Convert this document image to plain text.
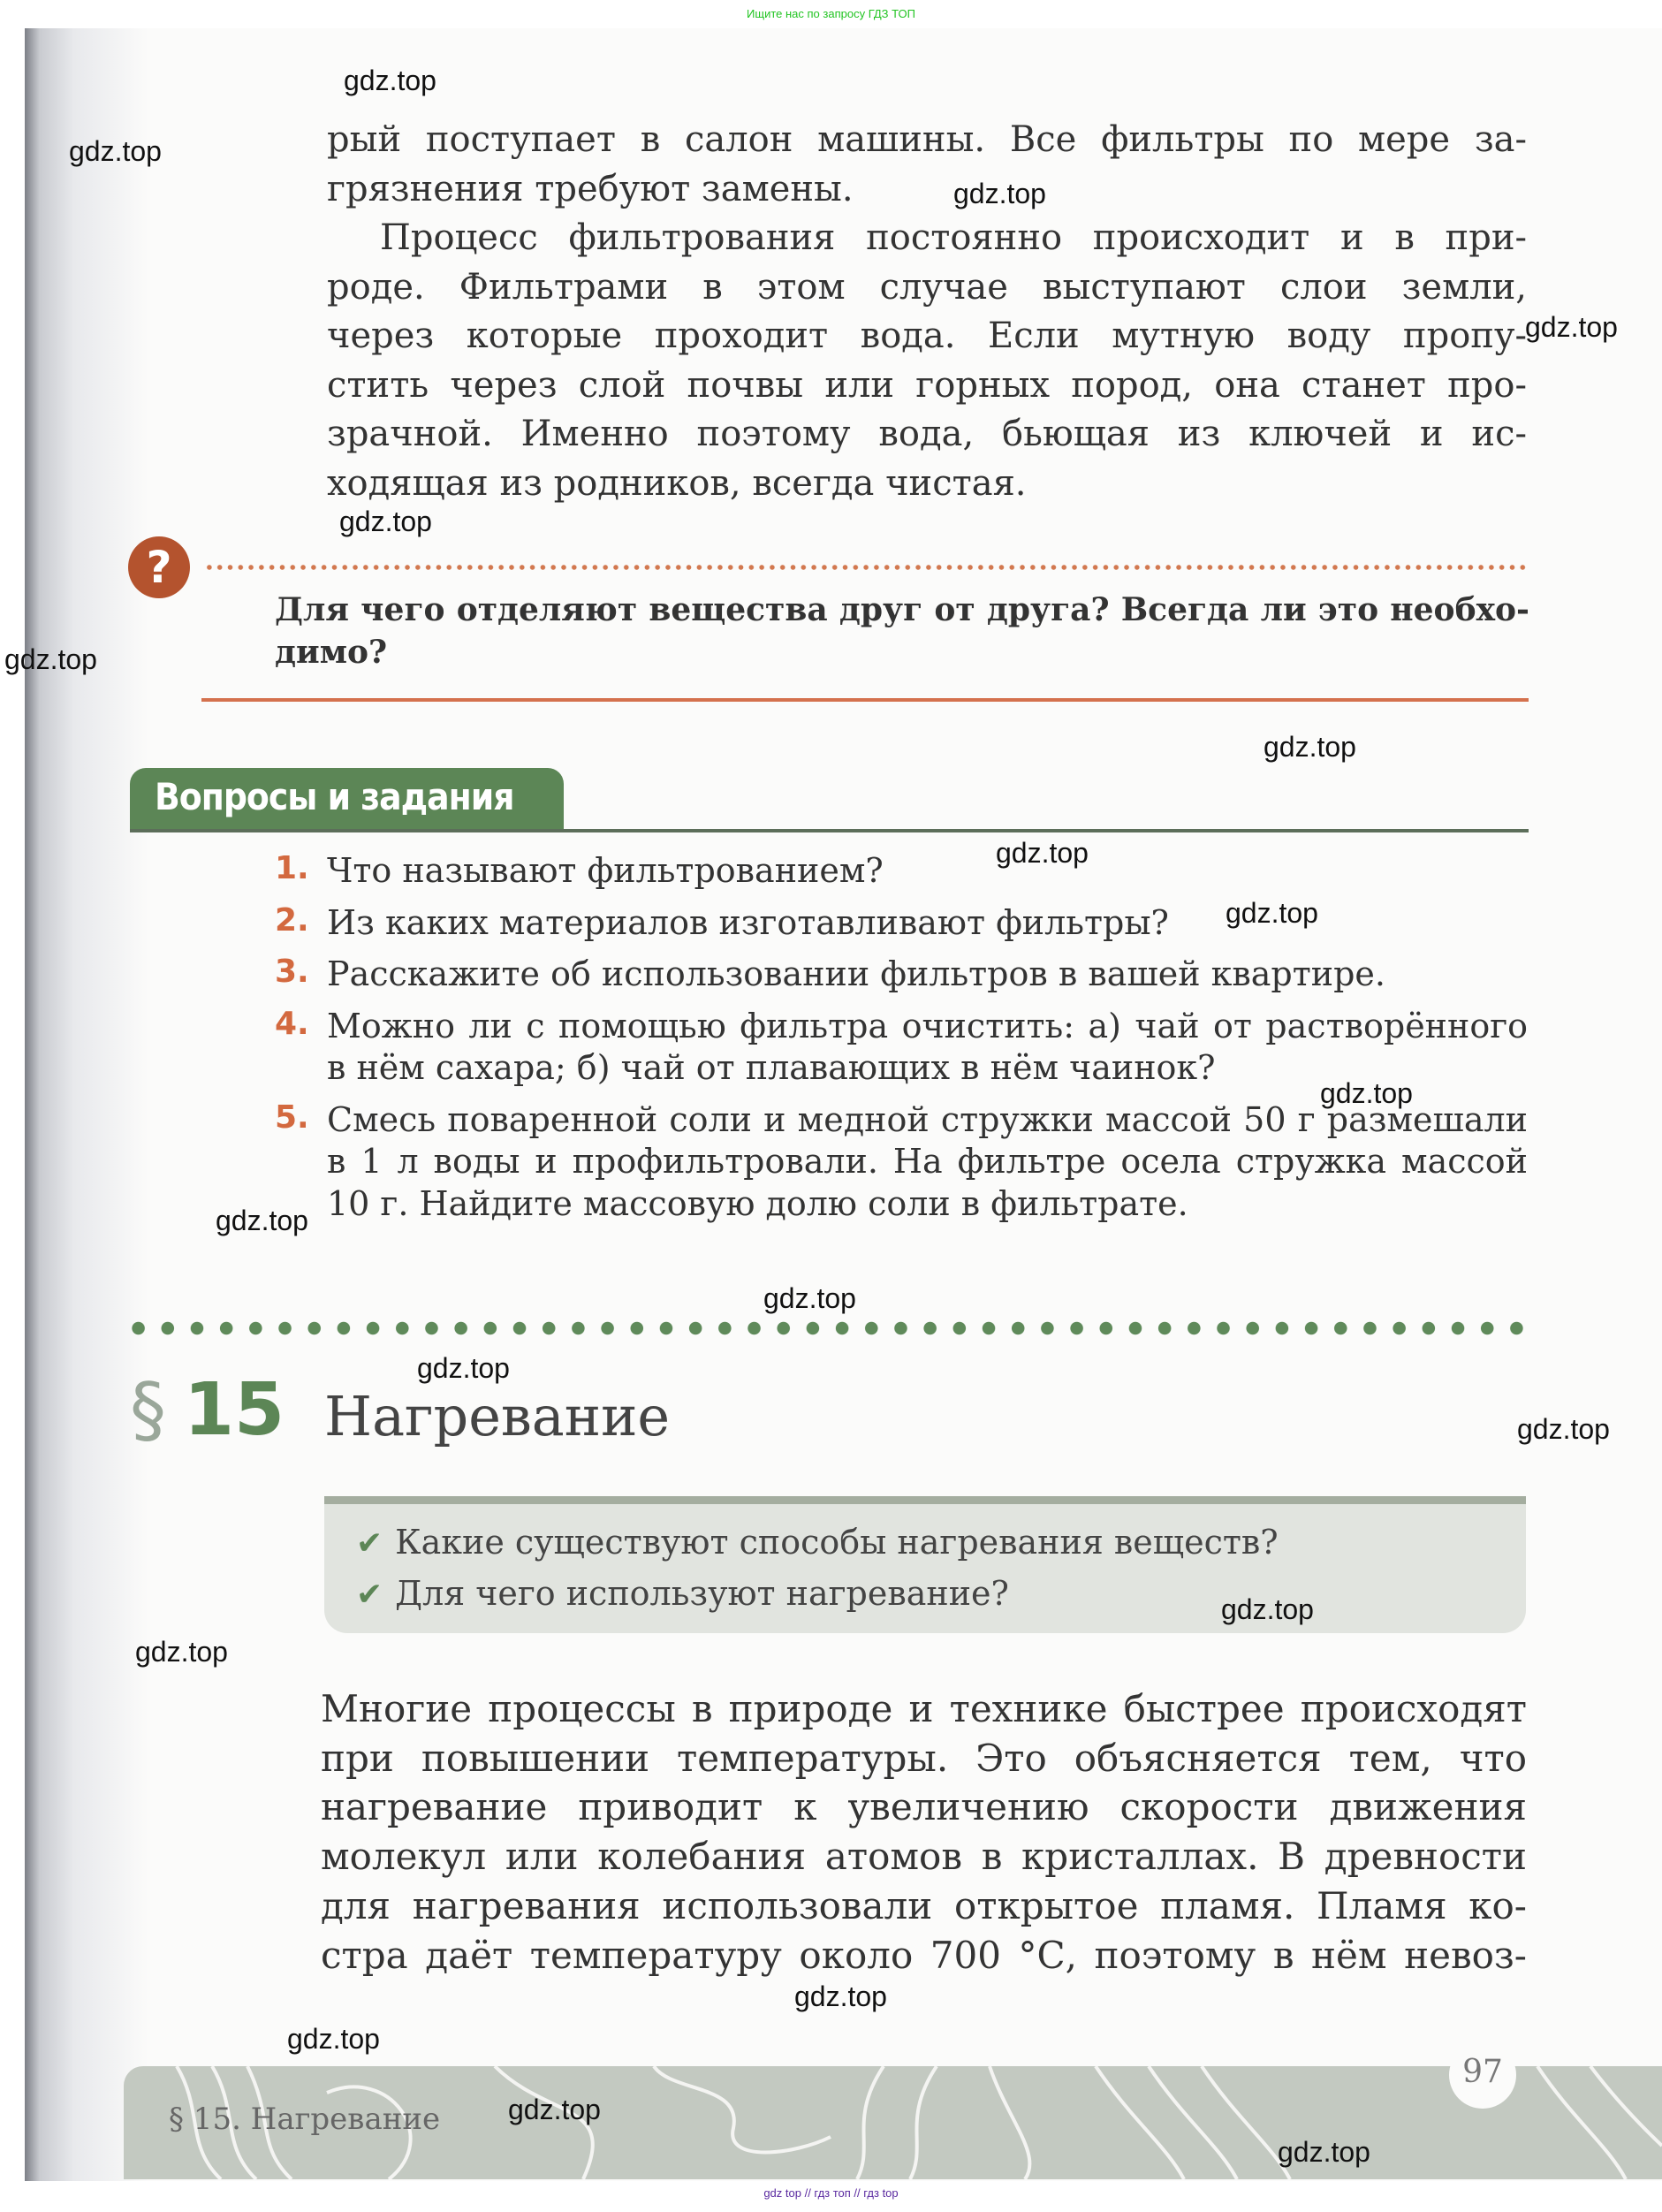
Ищите нас по запросу ГДЗ ТОП
рый поступает в салон машины. Все фильтры по мере за-
грязнения требуют замены.
Процесс фильтрования постоянно происходит и в при-
роде. Фильтрами в этом случае выступают слои земли,
через которые проходит вода. Если мутную воду пропу-
стить через слой почвы или горных пород, она станет про-
зрачной. Именно поэтому вода, бьющая из ключей и ис-
ходящая из родников, всегда чистая.
?
Для чего отделяют вещества друг от друга? Всегда ли это необхо-
димо?
Вопросы и задания
1. Что называют фильтрованием?
2. Из каких материалов изготавливают фильтры?
3. Расскажите об использовании фильтров в вашей квартире.
4. Можно ли с помощью фильтра очистить: а) чай от растворённого
в нём сахара; б) чай от плавающих в нём чаинок?
5. Смесь поваренной соли и медной стружки массой 50 г размешали
в 1 л воды и профильтровали. На фильтре осела стружка массой
10 г. Найдите массовую долю соли в фильтрате.
§ 15 Нагревание
✔ Какие существуют способы нагревания веществ?
✔ Для чего используют нагревание?
Многие процессы в природе и технике быстрее происходят
при повышении температуры. Это объясняется тем, что
нагревание приводит к увеличению скорости движения
молекул или колебания атомов в кристаллах. В древности
для нагревания использовали открытое пламя. Пламя ко-
стра даёт температуру около 700 °С, поэтому в нём невоз-
§ 15. Нагревание
97
gdz top // гдз топ // гдз top
gdz.top
gdz.top
gdz.top
gdz.top
gdz.top
gdz.top
gdz.top
gdz.top
gdz.top
gdz.top
gdz.top
gdz.top
gdz.top
gdz.top
gdz.top
gdz.top
gdz.top
gdz.top
gdz.top
gdz.top
